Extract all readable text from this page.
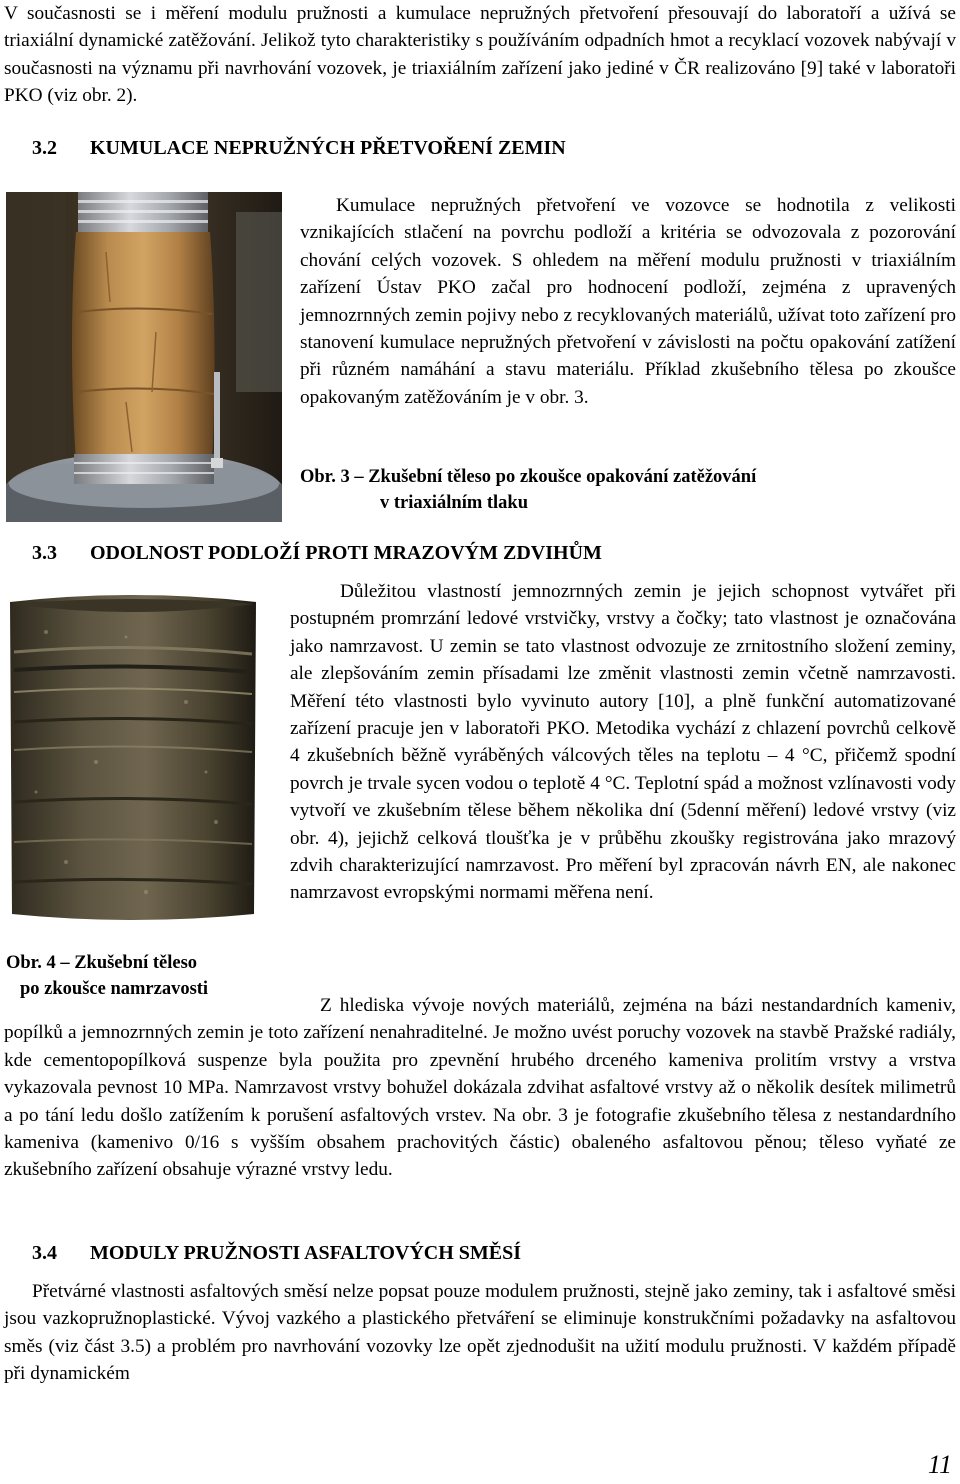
V současnosti se i měření modulu pružnosti a kumulace nepružných přetvoření přesouvají do laboratoří a užívá se triaxiální dynamické zatěžování. Jelikož tyto charakteristiky s používáním odpadních hmot a recyklací vozovek nabývají v současnosti na významu při navrhování vozovek, je triaxiálním zařízení jako jediné v ČR realizováno [9] také v laboratoři PKO (viz obr. 2).

3.2 KUMULACE NEPRUŽNÝCH PŘETVOŘENÍ ZEMIN

Kumulace nepružných přetvoření ve vozovce se hodnotila z velikosti vznikajících stlačení na povrchu podloží a kritéria se odvozovala z pozorování chování celých vozovek. S ohledem na měření modulu pružnosti v triaxiálním zařízení Ústav PKO začal pro hodnocení podloží, zejména z upravených jemnozrnných zemin pojivy nebo z recyklovaných materiálů, užívat toto zařízení pro stanovení kumulace nepružných přetvoření v závislosti na počtu opakování zatížení při různém namáhání a stavu materiálu. Příklad zkušebního tělesa po zkoušce opakovaným zatěžováním je v obr. 3.

Obr. 3 – Zkušební těleso po zkoušce opakování zatěžování
v triaxiálním tlaku
3.3 ODOLNOST PODLOŽÍ PROTI MRAZOVÝM ZDVIHŮM

Důležitou vlastností jemnozrnných zemin je jejich schopnost vytvářet při postupném promrzání ledové vrstvičky, vrstvy a čočky; tato vlastnost je označována jako namrzavost. U zemin se tato vlastnost odvozuje ze zrnitostního složení zeminy, ale zlepšováním zemin přísadami lze změnit vlastnosti zemin včetně namrzavosti. Měření této vlastnosti bylo vyvinuto autory [10], a plně funkční automatizované zařízení pracuje jen v laboratoři PKO. Metodika vychází z chlazení povrchů celkově 4 zkušebních běžně vyráběných válcových těles na teplotu – 4 °C, přičemž spodní povrch je trvale sycen vodou o teplotě 4 °C. Teplotní spád a možnost vzlínavosti vody vytvoří ve zkušebním tělese během několika dní (5denní měření) ledové vrstvy (viz obr. 4), jejichž celková tloušťka je v průběhu zkoušky registrována jako mrazový zdvih charakterizující namrzavost. Pro měření byl zpracován návrh EN, ale nakonec namrzavost evropskými normami měřena není.

Obr. 4 – Zkušební těleso
po zkoušce namrzavosti

Z hlediska vývoje nových materiálů, zejména na bázi nestandardních kameniv, popílků a jemnozrnných zemin je toto zařízení nenahraditelné. Je možno uvést poruchy vozovek na stavbě Pražské radiály, kde cementopopílková suspenze byla použita pro zpevnění hrubého drceného kameniva prolitím vrstvy a vrstva vykazovala pevnost 10 MPa. Namrzavost vrstvy bohužel dokázala zdvihat asfaltové vrstvy až o několik desítek milimetrů a po tání ledu došlo zatížením k porušení asfaltových vrstev. Na obr. 3 je fotografie zkušebního tělesa z nestandardního kameniva (kamenivo 0/16 s vyšším obsahem prachovitých částic) obaleného asfaltovou pěnou; těleso vyňaté ze zkušebního zařízení obsahuje výrazné vrstvy ledu.

3.4 MODULY PRUŽNOSTI ASFALTOVÝCH SMĚSÍ

Přetvárné vlastnosti asfaltových směsí nelze popsat pouze modulem pružnosti, stejně jako zeminy, tak i asfaltové směsi jsou vazkopružnoplastické. Vývoj vazkého a plastického přetváření se eliminuje konstrukčními požadavky na asfaltovou směs (viz část 3.5) a problém pro navrhování vozovky lze opět zjednodušit na užití modulu pružnosti. V každém případě při dynamickém

11
